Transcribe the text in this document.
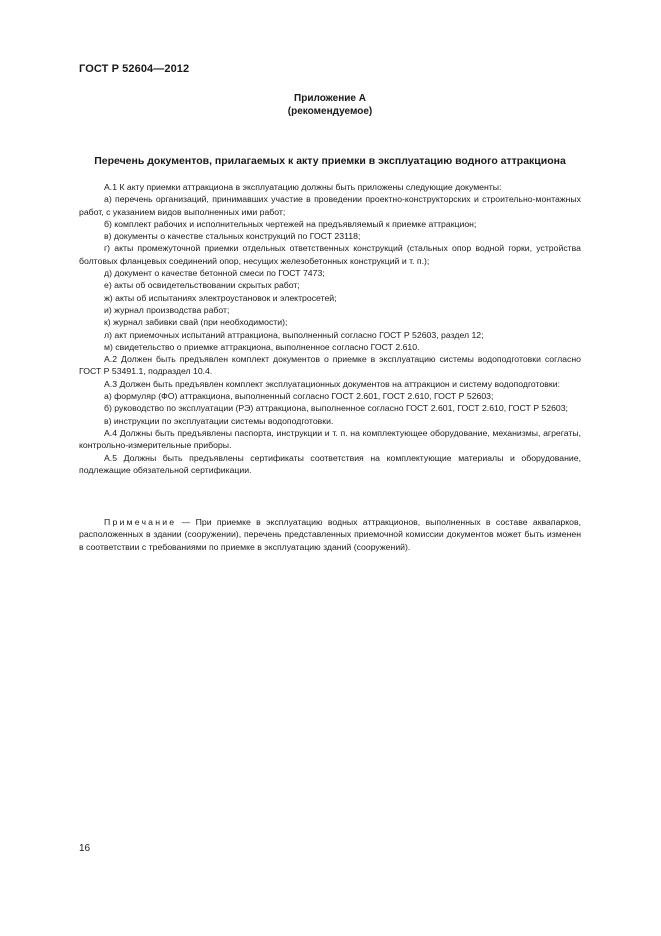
ГОСТ Р 52604—2012
Приложение А
(рекомендуемое)
Перечень документов, прилагаемых к акту приемки в эксплуатацию водного аттракциона

А.1 К акту приемки аттракциона в эксплуатацию должны быть приложены следующие документы:

а) перечень организаций, принимавших участие в проведении проектно-конструкторских и строительно-монтажных работ, с указанием видов выполненных ими работ;

б) комплект рабочих и исполнительных чертежей на предъявляемый к приемке аттракцион;

в) документы о качестве стальных конструкций по ГОСТ 23118;

г) акты промежуточной приемки отдельных ответственных конструкций (стальных опор водной горки, устройства болтовых фланцевых соединений опор, несущих железобетонных конструкций и т. п.);

д) документ о качестве бетонной смеси по ГОСТ 7473;

е) акты об освидетельствовании скрытых работ;

ж) акты об испытаниях электроустановок и электросетей;

и) журнал производства работ;

к) журнал забивки свай (при необходимости);

л) акт приемочных испытаний аттракциона, выполненный согласно ГОСТ Р 52603, раздел 12;

м) свидетельство о приемке аттракциона, выполненное согласно ГОСТ 2.610.

А.2 Должен быть предъявлен комплект документов о приемке в эксплуатацию системы водоподготовки согласно ГОСТ Р 53491.1, подраздел 10.4.

А.3 Должен быть предъявлен комплект эксплуатационных документов на аттракцион и систему водоподготовки:

а) формуляр (ФО) аттракциона, выполненный согласно ГОСТ 2.601, ГОСТ 2.610, ГОСТ Р 52603;

б) руководство по эксплуатации (РЭ) аттракциона, выполненное согласно ГОСТ 2.601, ГОСТ 2.610, ГОСТ Р 52603;

в) инструкции по эксплуатации системы водоподготовки.

А.4 Должны быть предъявлены паспорта, инструкции и т. п. на комплектующее оборудование, механизмы, агрегаты, контрольно-измерительные приборы.

А.5 Должны быть предъявлены сертификаты соответствия на комплектующие материалы и оборудование, подлежащие обязательной сертификации.

Примечание — При приемке в эксплуатацию водных аттракционов, выполненных в составе аквапарков, расположенных в здании (сооружении), перечень представленных приемочной комиссии документов может быть изменен в соответствии с требованиями по приемке в эксплуатацию зданий (сооружений).

16
